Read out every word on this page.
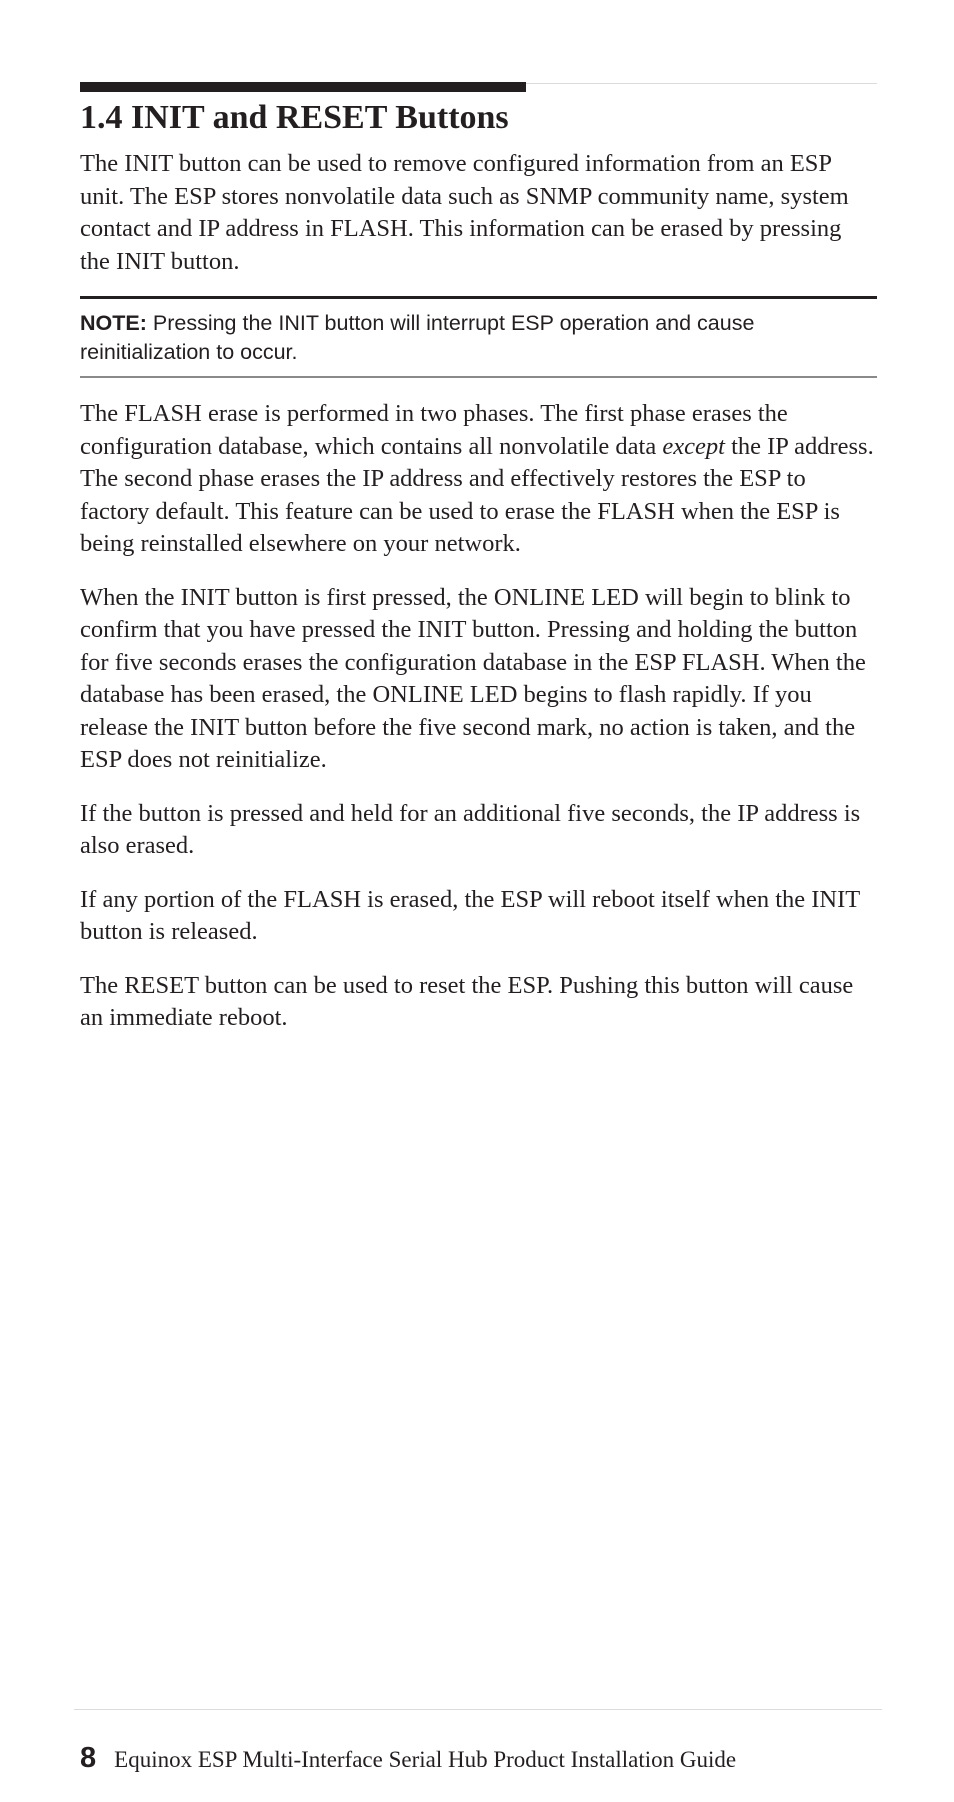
1.4 INIT and RESET Buttons

The INIT button can be used to remove configured information from an ESP unit. The ESP stores nonvolatile data such as SNMP community name, system contact and IP address in FLASH. This information can be erased by pressing the INIT button.

NOTE: Pressing the INIT button will interrupt ESP operation and cause reinitialization to occur.

The FLASH erase is performed in two phases. The first phase erases the configuration database, which contains all nonvolatile data except the IP address. The second phase erases the IP address and effectively restores the ESP to factory default. This feature can be used to erase the FLASH when the ESP is being reinstalled elsewhere on your network.

When the INIT button is first pressed, the ONLINE LED will begin to blink to confirm that you have pressed the INIT button. Pressing and holding the button for five seconds erases the configuration database in the ESP FLASH. When the database has been erased, the ONLINE LED begins to flash rapidly. If you release the INIT button before the five second mark, no action is taken, and the ESP does not reinitialize.

If the button is pressed and held for an additional five seconds, the IP address is also erased.

If any portion of the FLASH is erased, the ESP will reboot itself when the INIT button is released.

The RESET button can be used to reset the ESP. Pushing this button will cause an immediate reboot.

8 Equinox ESP Multi-Interface Serial Hub Product Installation Guide
